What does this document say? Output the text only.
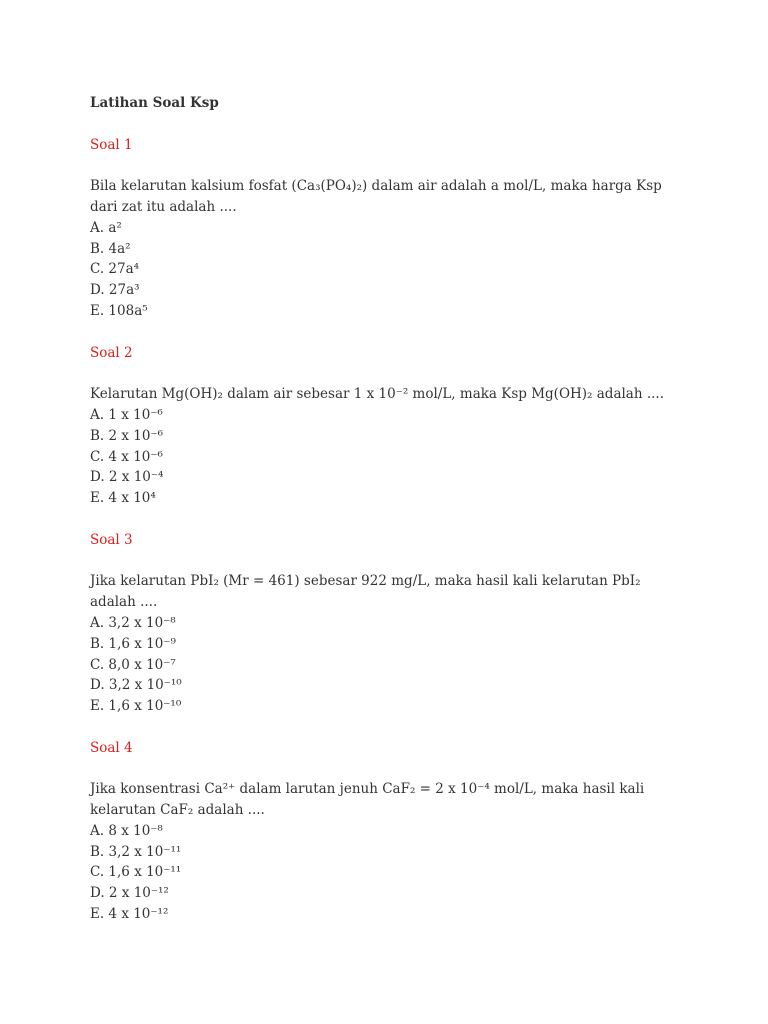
Latihan Soal Ksp

Soal 1

Bila kelarutan kalsium fosfat (Ca₃(PO₄)₂) dalam air adalah a mol/L, maka harga Ksp dari zat itu adalah ....

A. a²
B. 4a²
C. 27a⁴
D. 27a³
E. 108a⁵

Soal 2

Kelarutan Mg(OH)₂ dalam air sebesar 1 x 10⁻² mol/L, maka Ksp Mg(OH)₂ adalah ....

A. 1 x 10⁻⁶
B. 2 x 10⁻⁶
C. 4 x 10⁻⁶
D. 2 x 10⁻⁴
E. 4 x 10⁴

Soal 3

Jika kelarutan PbI₂ (Mr = 461) sebesar 922 mg/L, maka hasil kali kelarutan PbI₂ adalah ....

A. 3,2 x 10⁻⁸
B. 1,6 x 10⁻⁹
C. 8,0 x 10⁻⁷
D. 3,2 x 10⁻¹⁰
E. 1,6 x 10⁻¹⁰

Soal 4

Jika konsentrasi Ca²⁺ dalam larutan jenuh CaF₂ = 2 x 10⁻⁴ mol/L, maka hasil kali kelarutan CaF₂ adalah ....

A. 8 x 10⁻⁸
B. 3,2 x 10⁻¹¹
C. 1,6 x 10⁻¹¹
D. 2 x 10⁻¹²
E. 4 x 10⁻¹²
